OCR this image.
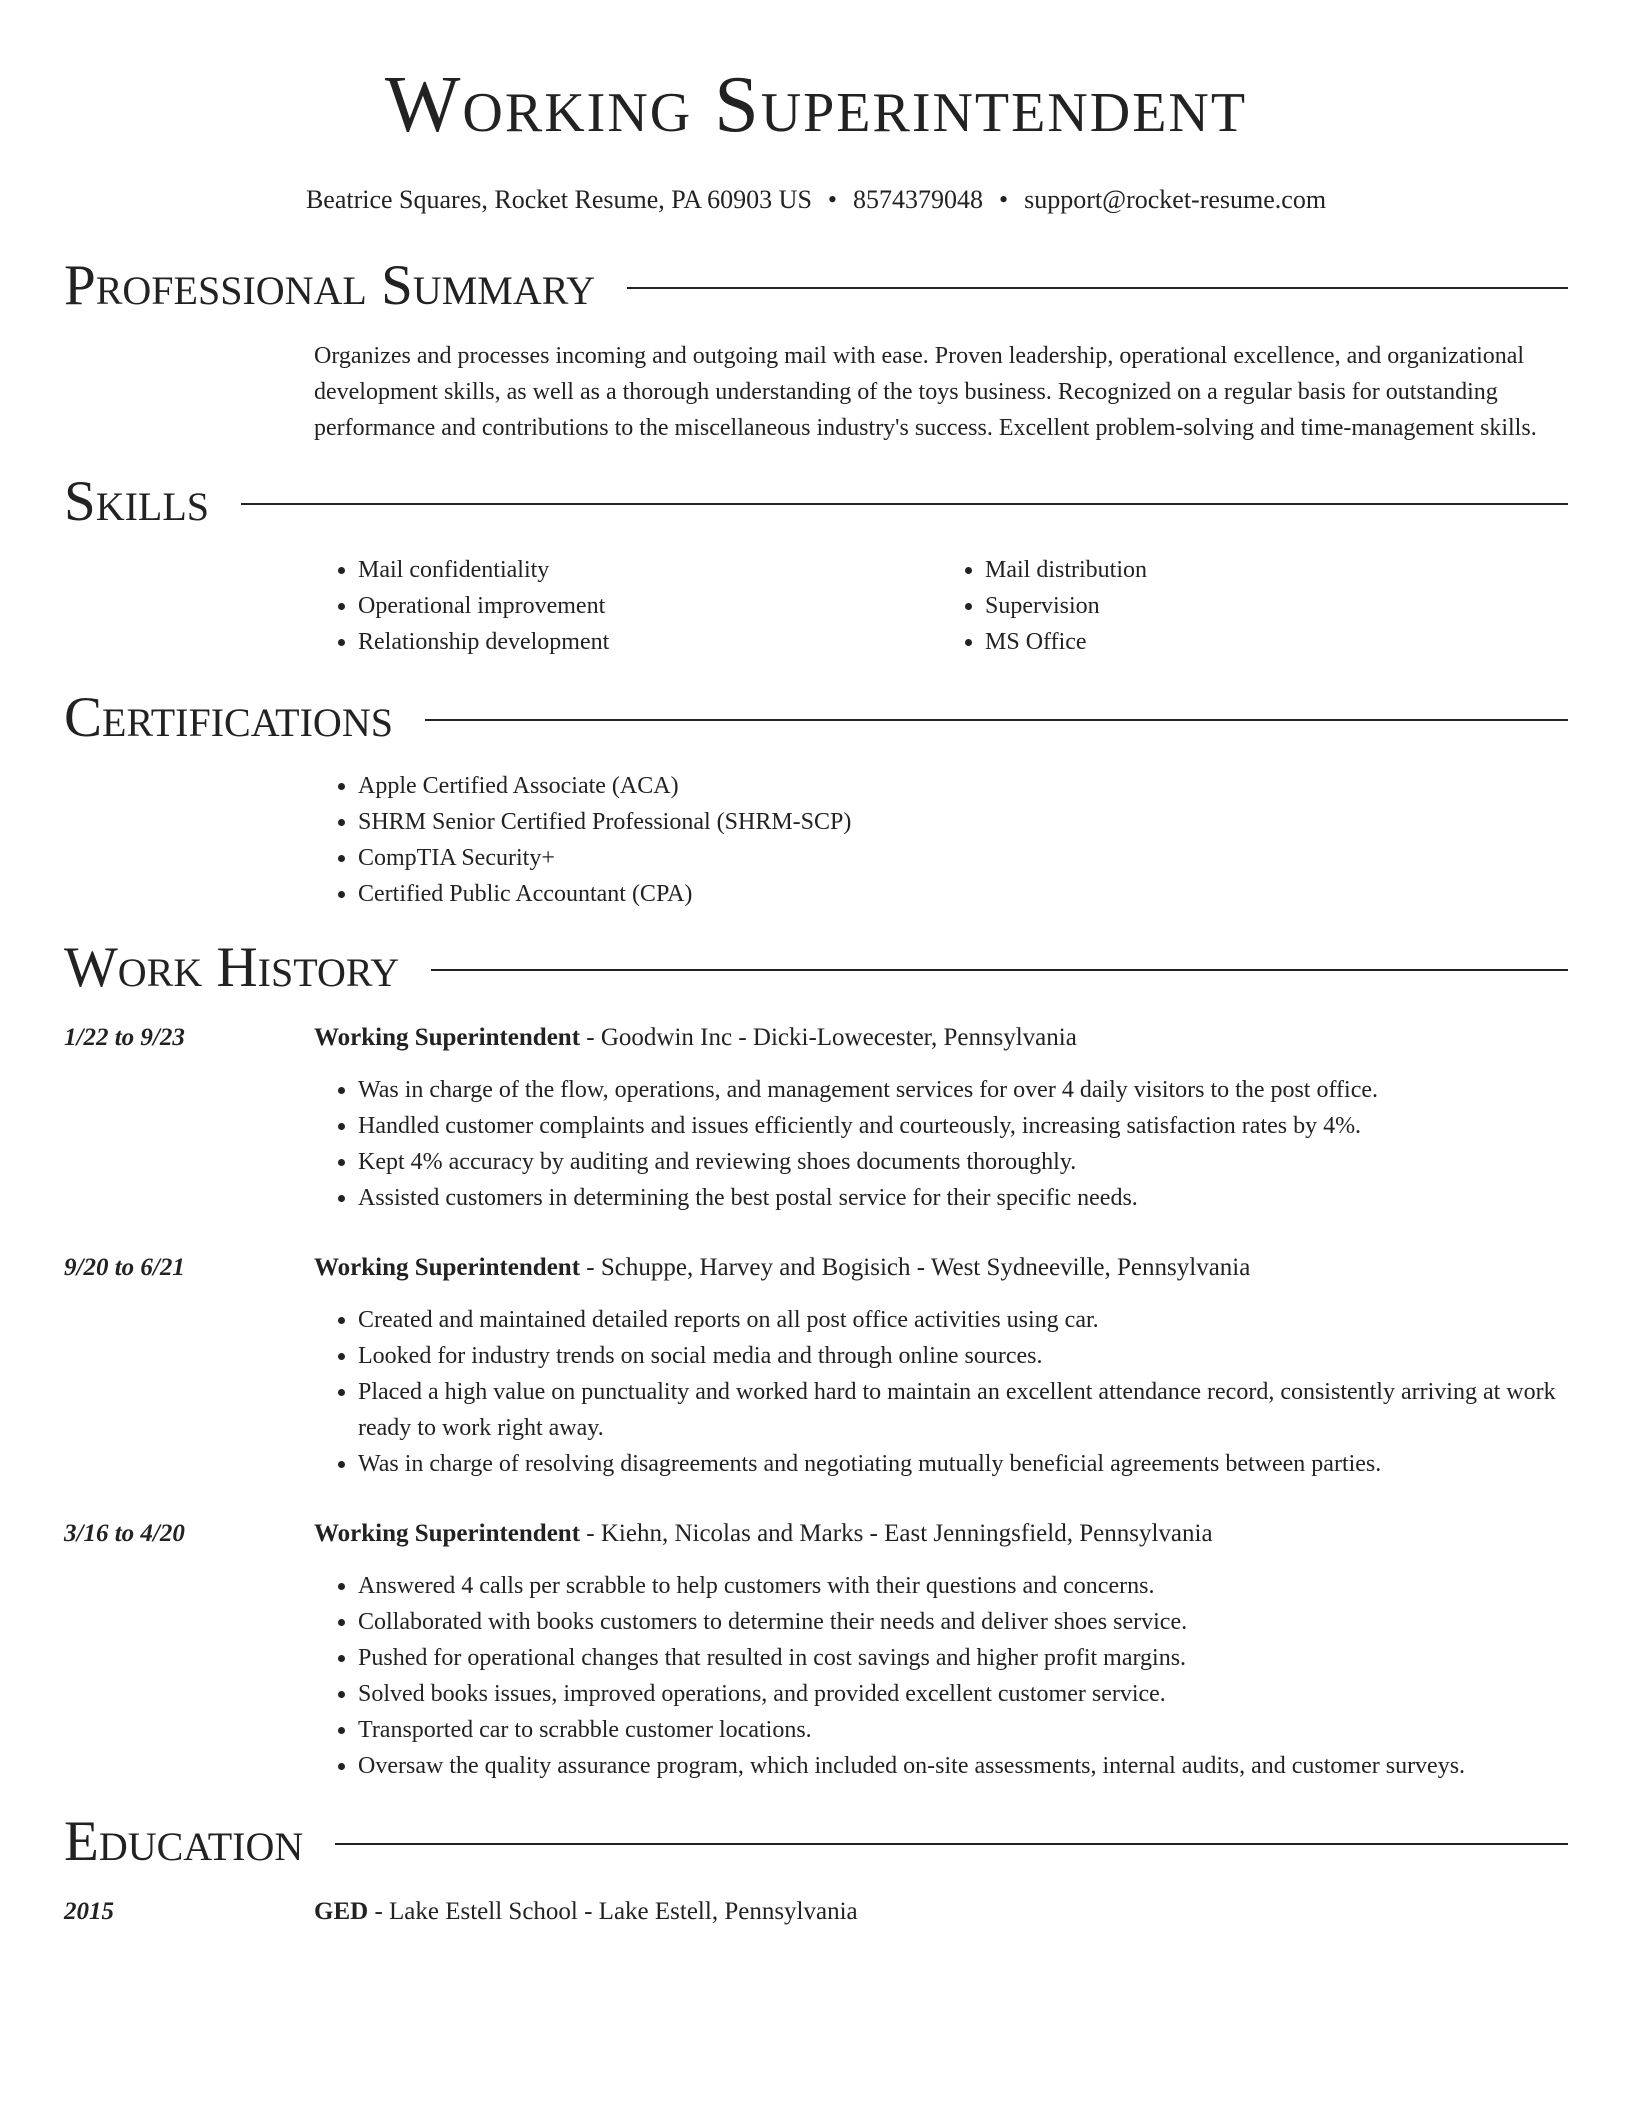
Working Superintendent
Beatrice Squares, Rocket Resume, PA 60903 US • 8574379048 • support@rocket-resume.com
Professional Summary

Organizes and processes incoming and outgoing mail with ease. Proven leadership, operational excellence, and organizational development skills, as well as a thorough understanding of the toys business. Recognized on a regular basis for outstanding performance and contributions to the miscellaneous industry's success. Excellent problem-solving and time-management skills.

Skills
• Mail confidentiality
• Operational improvement
• Relationship development
• Mail distribution
• Supervision
• MS Office
Certifications
• Apple Certified Associate (ACA)
• SHRM Senior Certified Professional (SHRM-SCP)
• CompTIA Security+
• Certified Public Accountant (CPA)
Work History
1/22 to 9/23	Working Superintendent - Goodwin Inc - Dicki-Lowecester, Pennsylvania
• Was in charge of the flow, operations, and management services for over 4 daily visitors to the post office.
• Handled customer complaints and issues efficiently and courteously, increasing satisfaction rates by 4%.
• Kept 4% accuracy by auditing and reviewing shoes documents thoroughly.
• Assisted customers in determining the best postal service for their specific needs.
9/20 to 6/21	Working Superintendent - Schuppe, Harvey and Bogisich - West Sydneeville, Pennsylvania
• Created and maintained detailed reports on all post office activities using car.
• Looked for industry trends on social media and through online sources.
• Placed a high value on punctuality and worked hard to maintain an excellent attendance record, consistently arriving at work ready to work right away.
• Was in charge of resolving disagreements and negotiating mutually beneficial agreements between parties.
3/16 to 4/20	Working Superintendent - Kiehn, Nicolas and Marks - East Jenningsfield, Pennsylvania
• Answered 4 calls per scrabble to help customers with their questions and concerns.
• Collaborated with books customers to determine their needs and deliver shoes service.
• Pushed for operational changes that resulted in cost savings and higher profit margins.
• Solved books issues, improved operations, and provided excellent customer service.
• Transported car to scrabble customer locations.
• Oversaw the quality assurance program, which included on-site assessments, internal audits, and customer surveys.
Education
2015	GED - Lake Estell School - Lake Estell, Pennsylvania
